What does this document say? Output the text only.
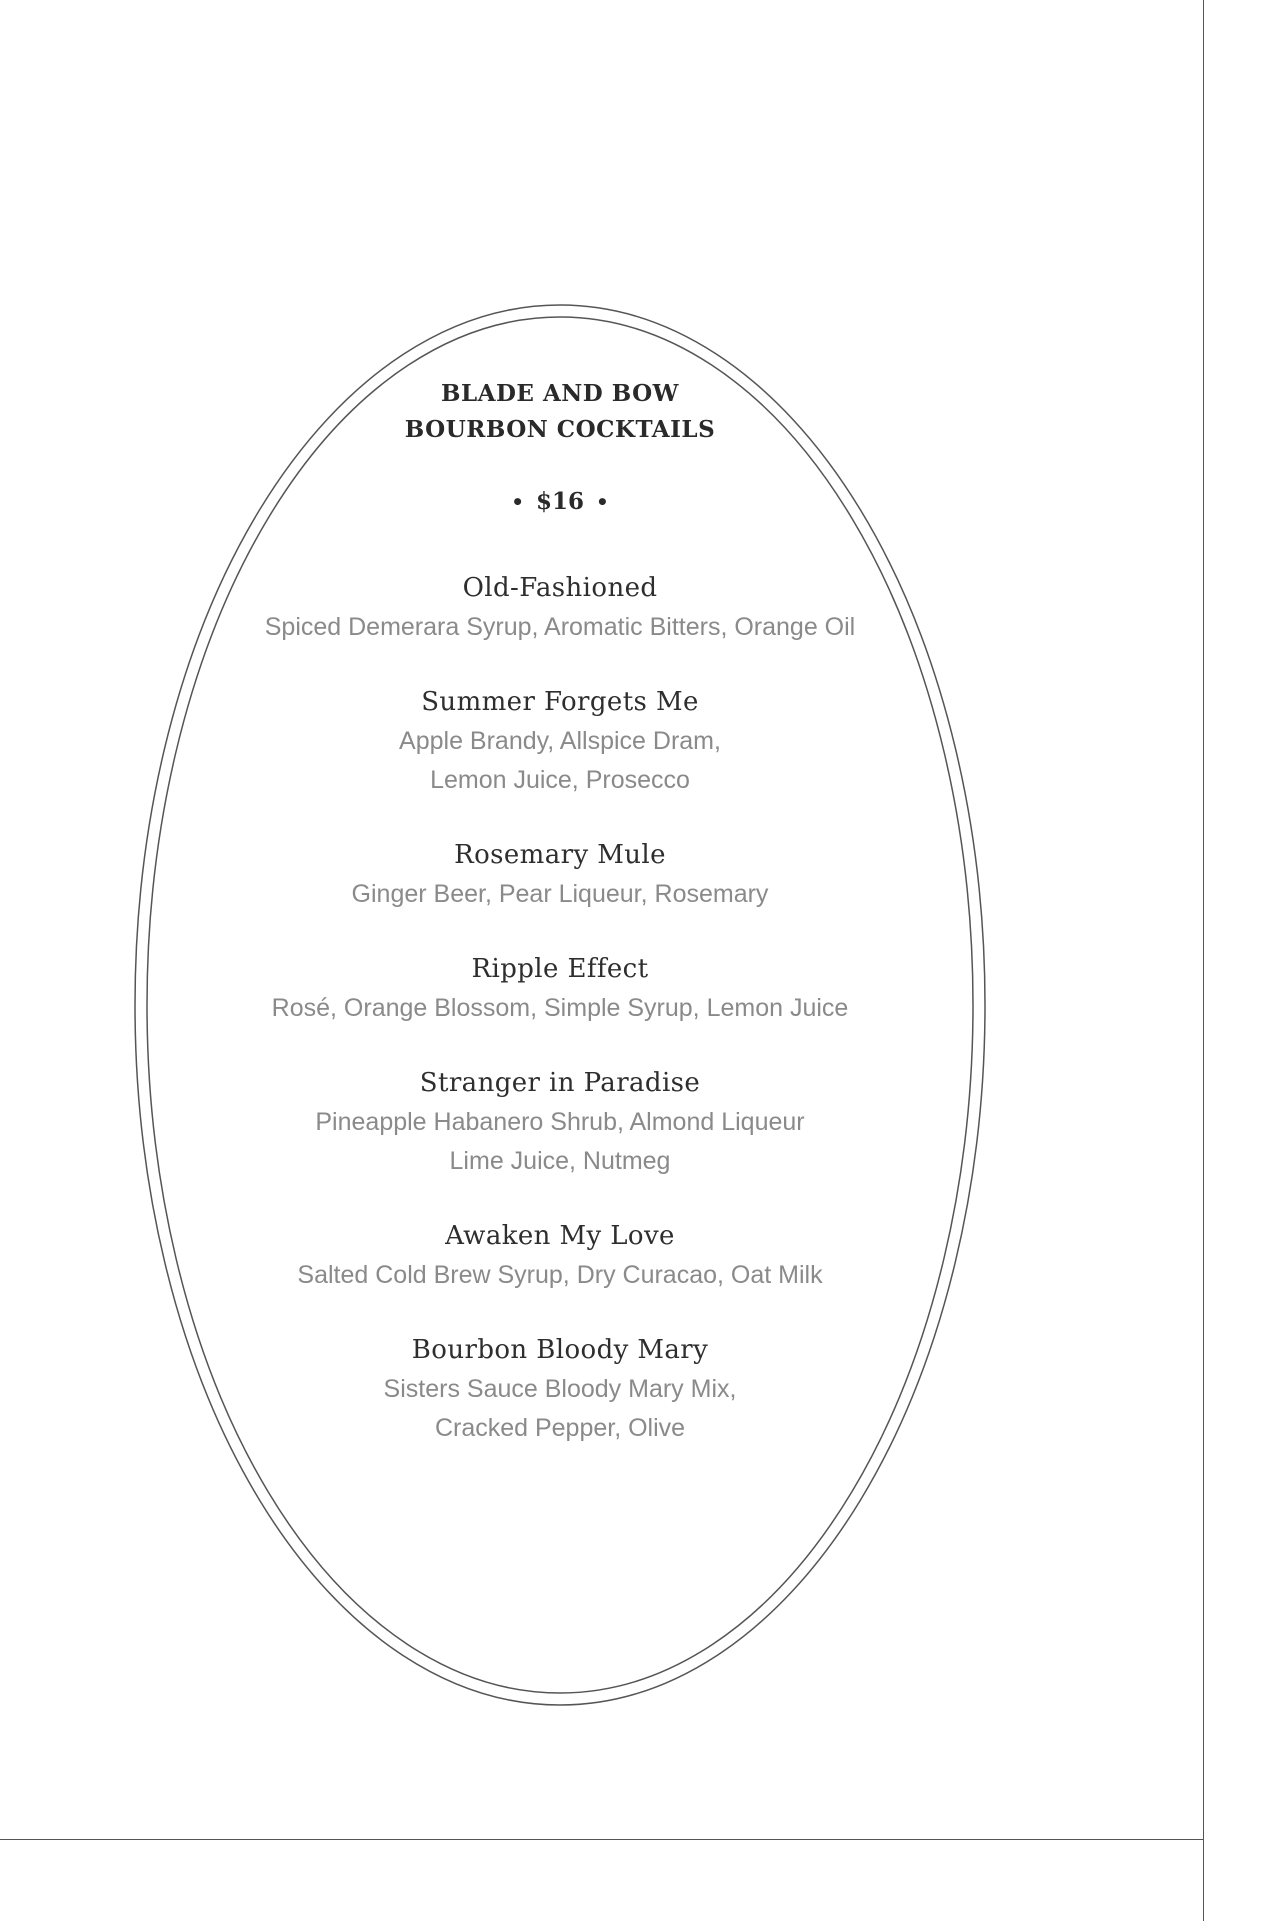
BLADE AND BOW
BOURBON COCKTAILS
• $16 •
Old-Fashioned
Spiced Demerara Syrup, Aromatic Bitters, Orange Oil
Summer Forgets Me
Apple Brandy, Allspice Dram,
Lemon Juice, Prosecco
Rosemary Mule
Ginger Beer, Pear Liqueur, Rosemary
Ripple Effect
Rosé, Orange Blossom, Simple Syrup, Lemon Juice
Stranger in Paradise
Pineapple Habanero Shrub, Almond Liqueur
Lime Juice, Nutmeg
Awaken My Love
Salted Cold Brew Syrup, Dry Curacao, Oat Milk
Bourbon Bloody Mary
Sisters Sauce Bloody Mary Mix,
Cracked Pepper, Olive
